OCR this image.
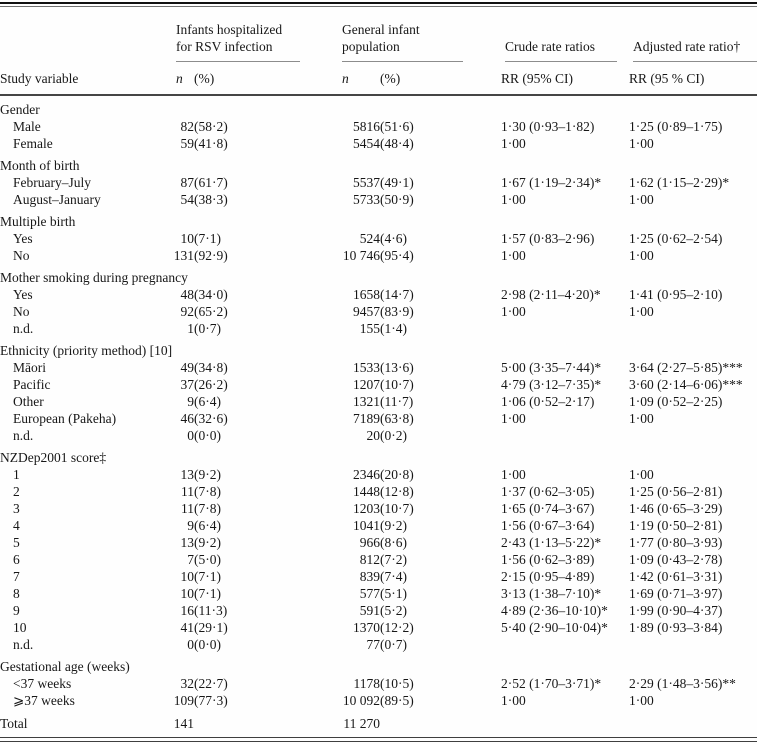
	Infants hospitalized
for RSV infection		General infant
population		Crude rate ratios	Adjusted rate ratio†

Study variable	n	(%)	n	(%)	RR (95% CI)	RR (95 % CI)
Gender						
Male	82	(58·2)	5816	(51·6)	1·30 (0·93–1·82)	1·25 (0·89–1·75)
Female	59	(41·8)	5454	(48·4)	1·00	1·00
Month of birth						
February–July	87	(61·7)	5537	(49·1)	1·67 (1·19–2·34)*	1·62 (1·15–2·29)*
August–January	54	(38·3)	5733	(50·9)	1·00	1·00
Multiple birth						
Yes	10	(7·1)	524	(4·6)	1·57 (0·83–2·96)	1·25 (0·62–2·54)
No	131	(92·9)	10 746	(95·4)	1·00	1·00
Mother smoking during pregnancy						
Yes	48	(34·0)	1658	(14·7)	2·98 (2·11–4·20)*	1·41 (0·95–2·10)
No	92	(65·2)	9457	(83·9)	1·00	1·00
n.d.	1	(0·7)	155	(1·4)		
Ethnicity (priority method) [10]						
Māori	49	(34·8)	1533	(13·6)	5·00 (3·35–7·44)*	3·64 (2·27–5·85)***
Pacific	37	(26·2)	1207	(10·7)	4·79 (3·12–7·35)*	3·60 (2·14–6·06)***
Other	9	(6·4)	1321	(11·7)	1·06 (0·52–2·17)	1·09 (0·52–2·25)
European (Pakeha)	46	(32·6)	7189	(63·8)	1·00	1·00
n.d.	0	(0·0)	20	(0·2)		
NZDep2001 score‡						
1	13	(9·2)	2346	(20·8)	1·00	1·00
2	11	(7·8)	1448	(12·8)	1·37 (0·62–3·05)	1·25 (0·56–2·81)
3	11	(7·8)	1203	(10·7)	1·65 (0·74–3·67)	1·46 (0·65–3·29)
4	9	(6·4)	1041	(9·2)	1·56 (0·67–3·64)	1·19 (0·50–2·81)
5	13	(9·2)	966	(8·6)	2·43 (1·13–5·22)*	1·77 (0·80–3·93)
6	7	(5·0)	812	(7·2)	1·56 (0·62–3·89)	1·09 (0·43–2·78)
7	10	(7·1)	839	(7·4)	2·15 (0·95–4·89)	1·42 (0·61–3·31)
8	10	(7·1)	577	(5·1)	3·13 (1·38–7·10)*	1·69 (0·71–3·97)
9	16	(11·3)	591	(5·2)	4·89 (2·36–10·10)*	1·99 (0·90–4·37)
10	41	(29·1)	1370	(12·2)	5·40 (2·90–10·04)*	1·89 (0·93–3·84)
n.d.	0	(0·0)	77	(0·7)		
Gestational age (weeks)						
<37 weeks	32	(22·7)	1178	(10·5)	2·52 (1·70–3·71)*	2·29 (1·48–3·56)**
⩾37 weeks	109	(77·3)	10 092	(89·5)	1·00	1·00
Total	141		11 270			
